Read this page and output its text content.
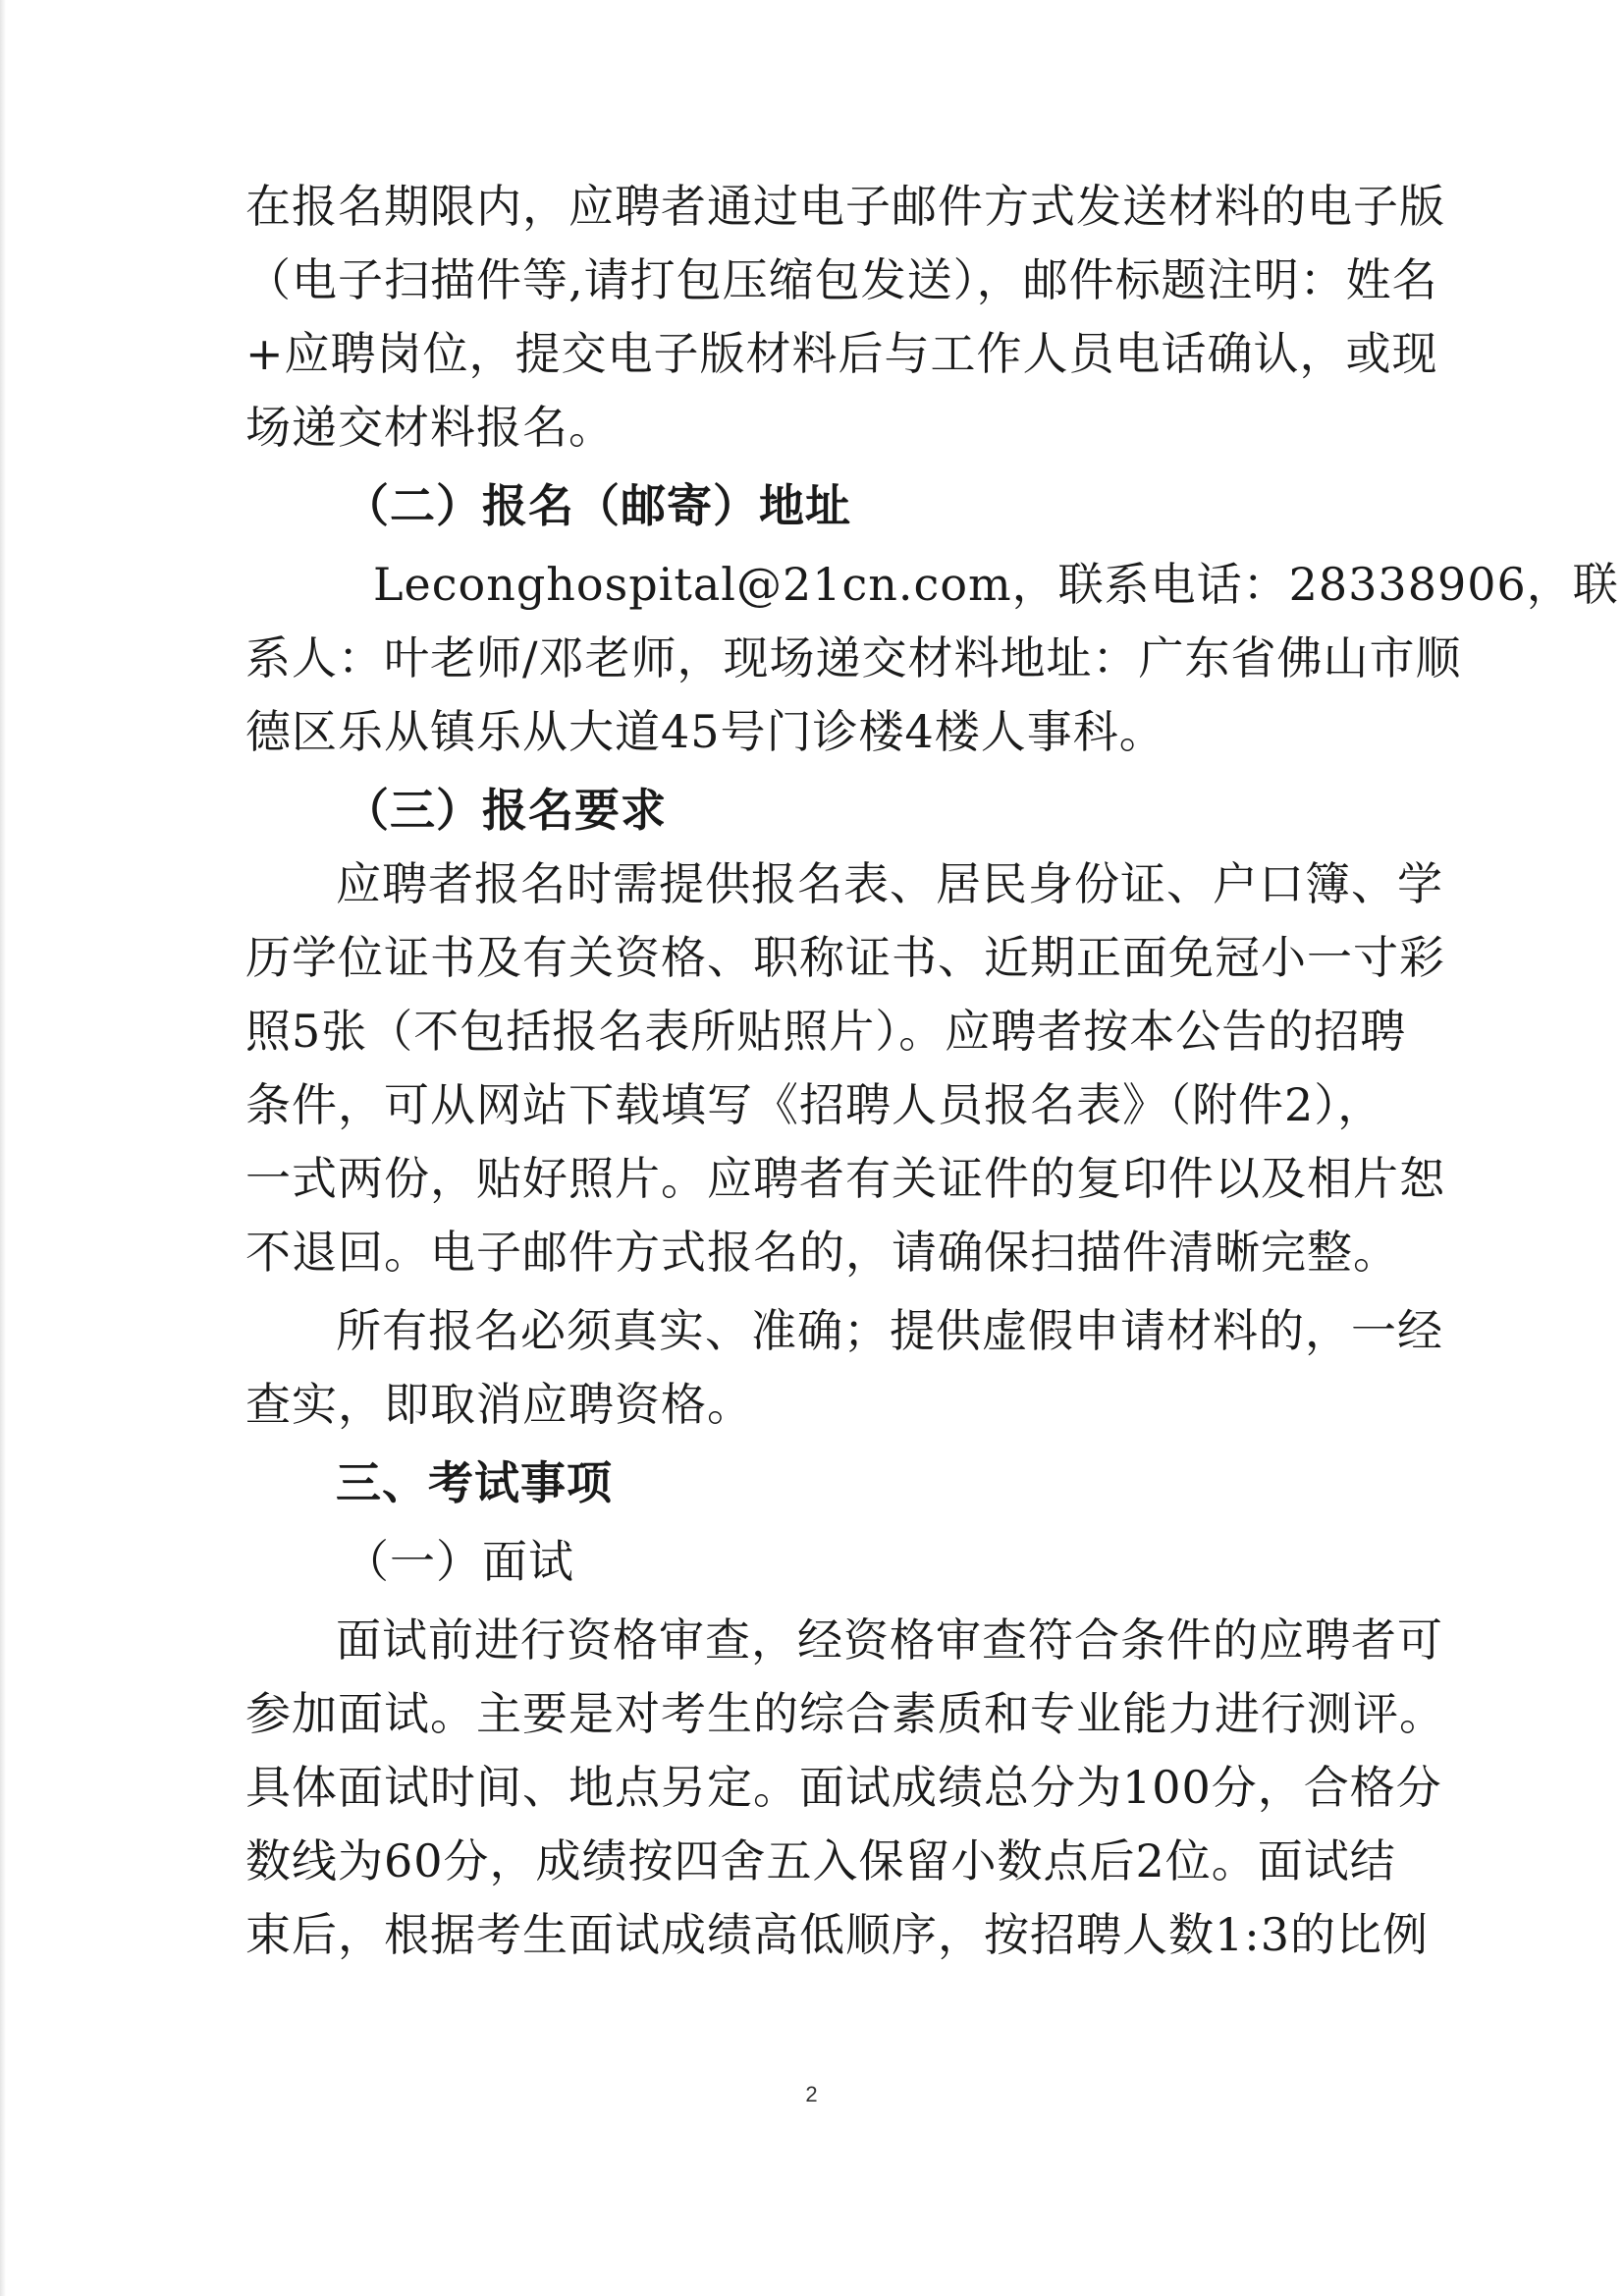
在报名期限内，应聘者通过电子邮件方式发送材料的电子版
（电子扫描件等,请打包压缩包发送），邮件标题注明：姓名
+应聘岗位，提交电子版材料后与工作人员电话确认，或现
场递交材料报名。
（二）报名（邮寄）地址
Leconghospital@21cn.com，联系电话：28338906，联
系人：叶老师/邓老师，现场递交材料地址：广东省佛山市顺
德区乐从镇乐从大道45号门诊楼4楼人事科。
（三）报名要求
应聘者报名时需提供报名表、居民身份证、户口簿、学
历学位证书及有关资格、职称证书、近期正面免冠小一寸彩
照5张（不包括报名表所贴照片）。应聘者按本公告的招聘
条件，可从网站下载填写《招聘人员报名表》（附件2），
一式两份，贴好照片。应聘者有关证件的复印件以及相片恕
不退回。电子邮件方式报名的，请确保扫描件清晰完整。
所有报名必须真实、准确；提供虚假申请材料的，一经
查实，即取消应聘资格。
三、考试事项
（一）面试
面试前进行资格审查，经资格审查符合条件的应聘者可
参加面试。主要是对考生的综合素质和专业能力进行测评。
具体面试时间、地点另定。面试成绩总分为100分，合格分
数线为60分，成绩按四舍五入保留小数点后2位。面试结
束后，根据考生面试成绩高低顺序，按招聘人数1:3的比例
2
